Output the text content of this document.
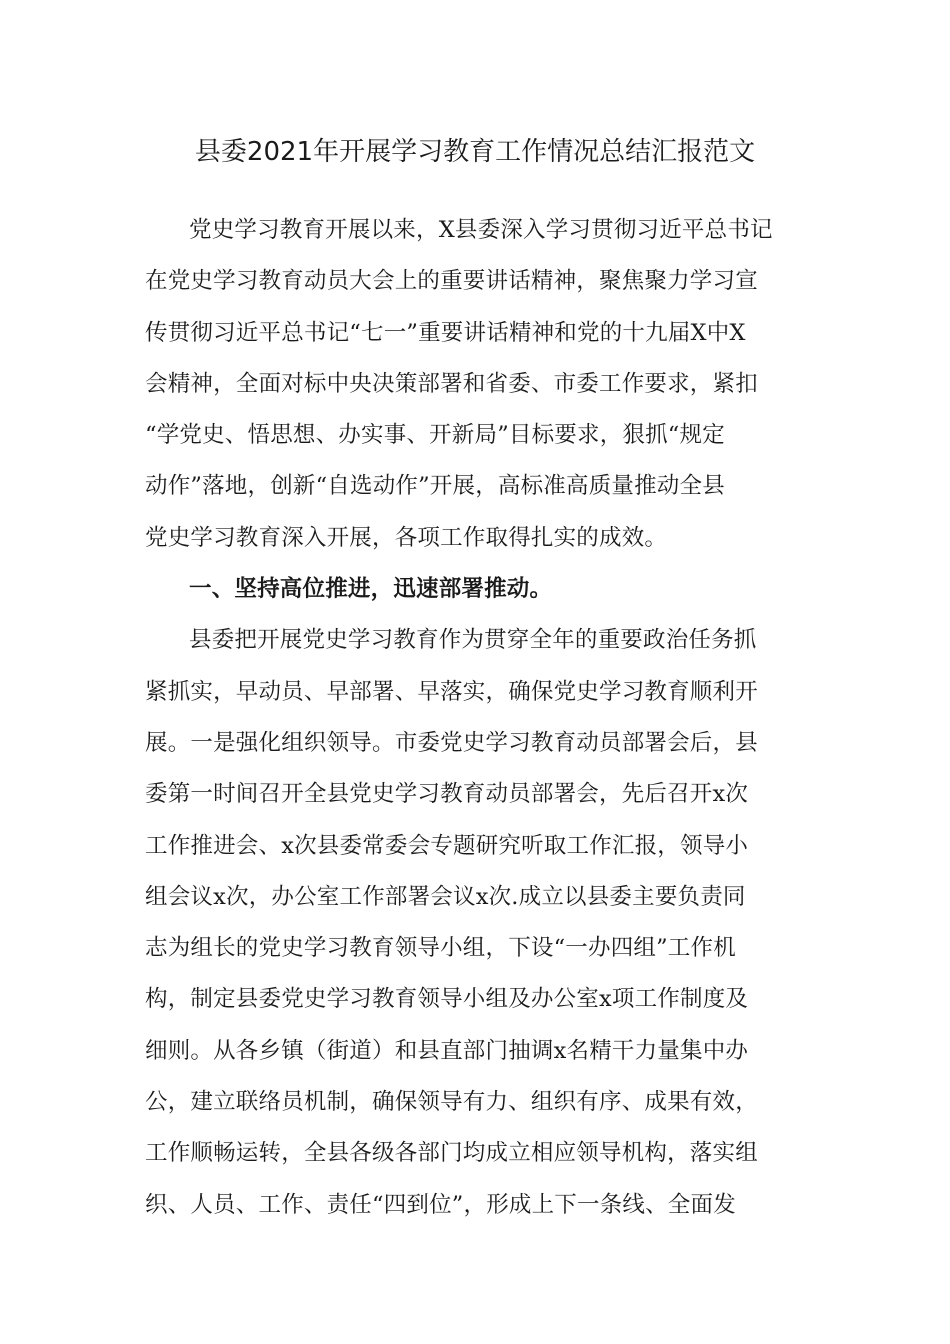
县委2021年开展学习教育工作情况总结汇报范文
党史学习教育开展以来，X县委深入学习贯彻习近平总书记
在党史学习教育动员大会上的重要讲话精神，聚焦聚力学习宣
传贯彻习近平总书记“七一”重要讲话精神和党的十九届X中X
会精神，全面对标中央决策部署和省委、市委工作要求，紧扣
“学党史、悟思想、办实事、开新局”目标要求，狠抓“规定
动作”落地，创新“自选动作”开展，高标准高质量推动全县
党史学习教育深入开展，各项工作取得扎实的成效。
一、坚持高位推进，迅速部署推动。
县委把开展党史学习教育作为贯穿全年的重要政治任务抓
紧抓实，早动员、早部署、早落实，确保党史学习教育顺利开
展。一是强化组织领导。市委党史学习教育动员部署会后，县
委第一时间召开全县党史学习教育动员部署会，先后召开x次
工作推进会、x次县委常委会专题研究听取工作汇报，领导小
组会议x次，办公室工作部署会议x次.成立以县委主要负责同
志为组长的党史学习教育领导小组，下设“一办四组”工作机
构，制定县委党史学习教育领导小组及办公室x项工作制度及
细则。从各乡镇（街道）和县直部门抽调x名精干力量集中办
公，建立联络员机制，确保领导有力、组织有序、成果有效，
工作顺畅运转，全县各级各部门均成立相应领导机构，落实组
织、人员、工作、责任“四到位”，形成上下一条线、全面发
